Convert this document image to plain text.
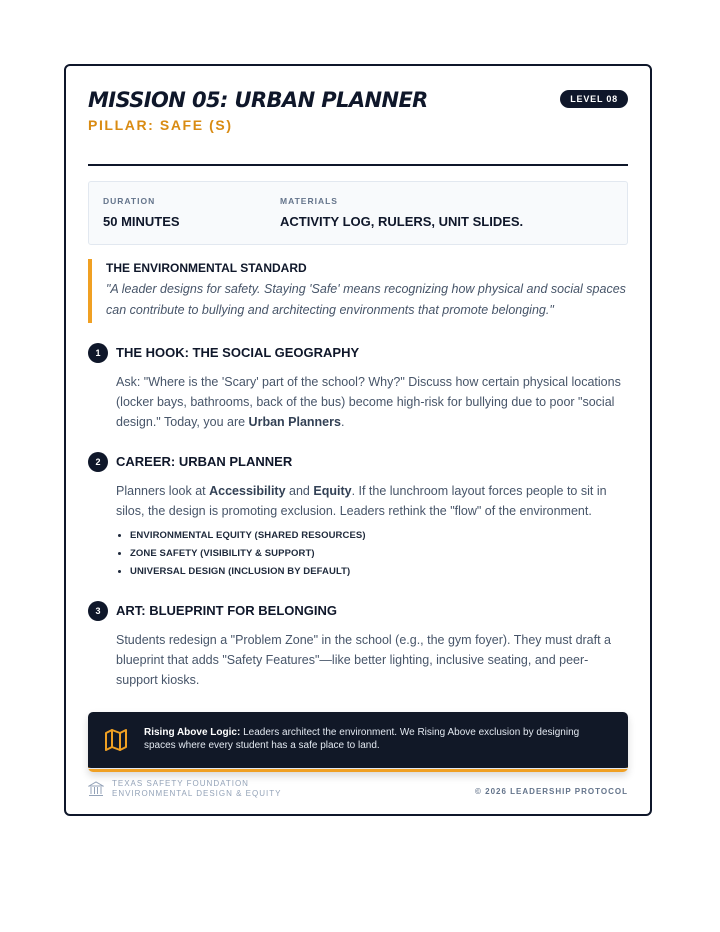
MISSION 05: URBAN PLANNER
PILLAR: SAFE (S)
LEVEL 08
DURATION
50 MINUTES
MATERIALS
ACTIVITY LOG, RULERS, UNIT SLIDES.
THE ENVIRONMENTAL STANDARD
"A leader designs for safety. Staying 'Safe' means recognizing how physical and social spaces can contribute to bullying and architecting environments that promote belonging."
1	THE HOOK: THE SOCIAL GEOGRAPHY
Ask: "Where is the 'Scary' part of the school? Why?" Discuss how certain physical locations (locker bays, bathrooms, back of the bus) become high-risk for bullying due to poor "social design." Today, you are Urban Planners.
2	CAREER: URBAN PLANNER
Planners look at Accessibility and Equity. If the lunchroom layout forces people to sit in silos, the design is promoting exclusion. Leaders rethink the "flow" of the environment.
• ENVIRONMENTAL EQUITY (SHARED RESOURCES)
• ZONE SAFETY (VISIBILITY & SUPPORT)
• UNIVERSAL DESIGN (INCLUSION BY DEFAULT)
3	ART: BLUEPRINT FOR BELONGING
Students redesign a "Problem Zone" in the school (e.g., the gym foyer). They must draft a blueprint that adds "Safety Features"—like better lighting, inclusive seating, and peer-support kiosks.
Rising Above Logic: Leaders architect the environment. We Rising Above exclusion by designing spaces where every student has a safe place to land.
TEXAS SAFETY FOUNDATION
ENVIRONMENTAL DESIGN & EQUITY	© 2026 LEADERSHIP PROTOCOL
